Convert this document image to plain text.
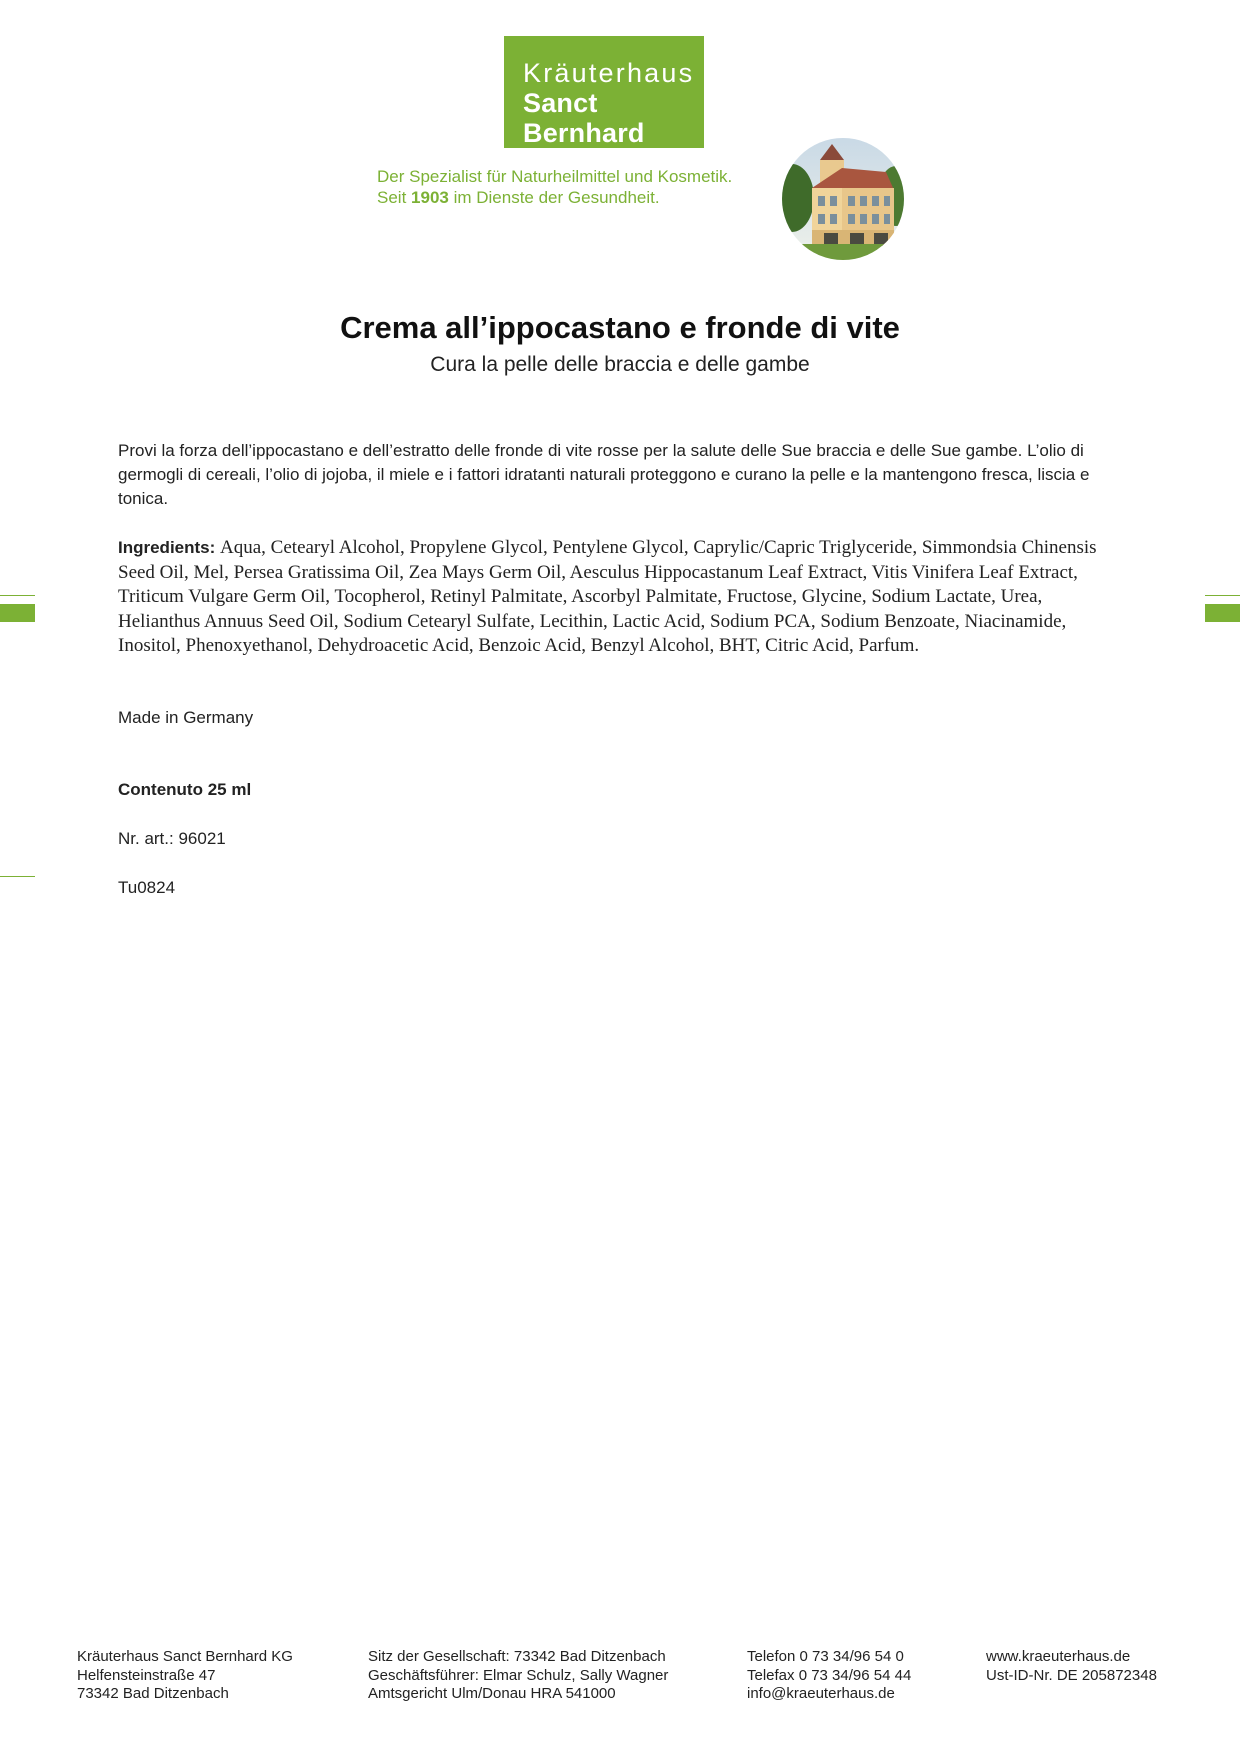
Kräuterhaus
Sanct Bernhard
Der Spezialist für Naturheilmittel und Kosmetik.
Seit 1903 im Dienste der Gesundheit.
Crema all’ippocastano e fronde di vite
Cura la pelle delle braccia e delle gambe
Provi la forza dell’ippocastano e dell’estratto delle fronde di vite rosse per la salute delle Sue braccia e delle Sue gambe. L’olio di germogli di cereali, l’olio di jojoba, il miele e i fattori idratanti naturali proteggono e curano la pelle e la mantengono fresca, liscia e tonica.
Ingredients: Aqua, Cetearyl Alcohol, Propylene Glycol, Pentylene Glycol, Caprylic/Capric Triglyceride, Simmondsia Chinensis Seed Oil, Mel, Persea Gratissima Oil, Zea Mays Germ Oil, Aesculus Hippocastanum Leaf Extract, Vitis Vinifera Leaf Extract, Triticum Vulgare Germ Oil, Tocopherol, Retinyl Palmitate, Ascorbyl Palmitate, Fructose, Glycine, Sodium Lactate, Urea, Helianthus Annuus Seed Oil, Sodium Cetearyl Sulfate, Lecithin, Lactic Acid, Sodium PCA, Sodium Benzoate, Niacinamide, Inositol, Phenoxyethanol, Dehydroacetic Acid, Benzoic Acid, Benzyl Alcohol, BHT, Citric Acid, Parfum.
Made in Germany
Contenuto 25 ml
Nr. art.: 96021
Tu0824
Kräuterhaus Sanct Bernhard KG
Helfensteinstraße 47
73342 Bad Ditzenbach
Sitz der Gesellschaft: 73342 Bad Ditzenbach
Geschäftsführer: Elmar Schulz, Sally Wagner
Amtsgericht Ulm/Donau HRA 541000
Telefon 0 73 34/96 54 0
Telefax 0 73 34/96 54 44
info@kraeuterhaus.de
www.kraeuterhaus.de
Ust-ID-Nr. DE 205872348
